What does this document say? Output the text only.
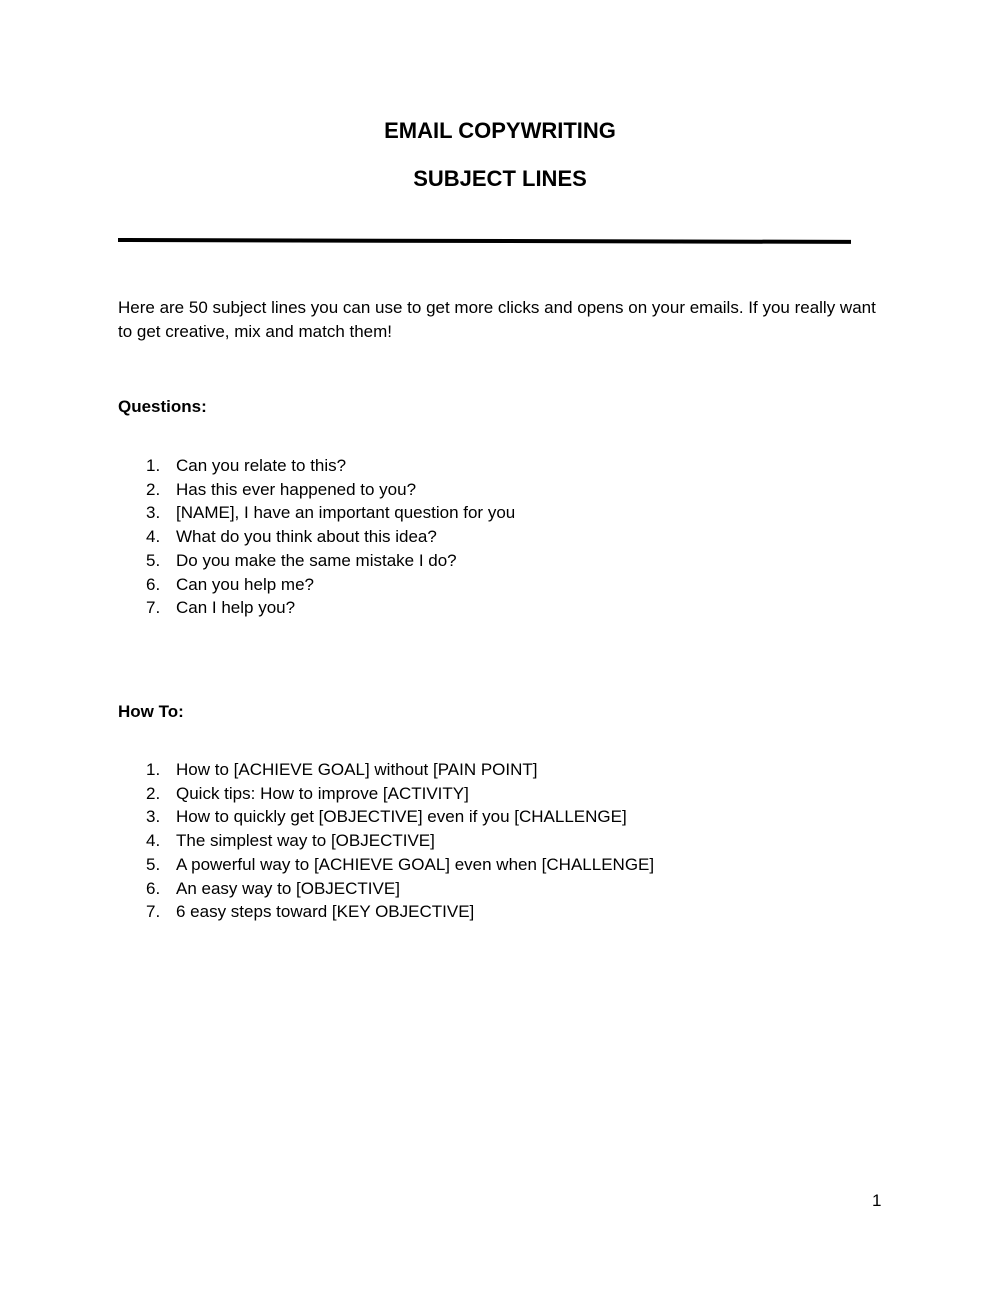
EMAIL COPYWRITING
SUBJECT LINES
Here are 50 subject lines you can use to get more clicks and opens on your emails. If you really want to get creative, mix and match them!
Questions:
1. Can you relate to this?
2. Has this ever happened to you?
3. [NAME], I have an important question for you
4. What do you think about this idea?
5. Do you make the same mistake I do?
6. Can you help me?
7. Can I help you?
How To:
1. How to [ACHIEVE GOAL] without [PAIN POINT]
2. Quick tips: How to improve [ACTIVITY]
3. How to quickly get [OBJECTIVE] even if you [CHALLENGE]
4. The simplest way to [OBJECTIVE]
5. A powerful way to [ACHIEVE GOAL] even when [CHALLENGE]
6. An easy way to [OBJECTIVE]
7. 6 easy steps toward [KEY OBJECTIVE]
1
